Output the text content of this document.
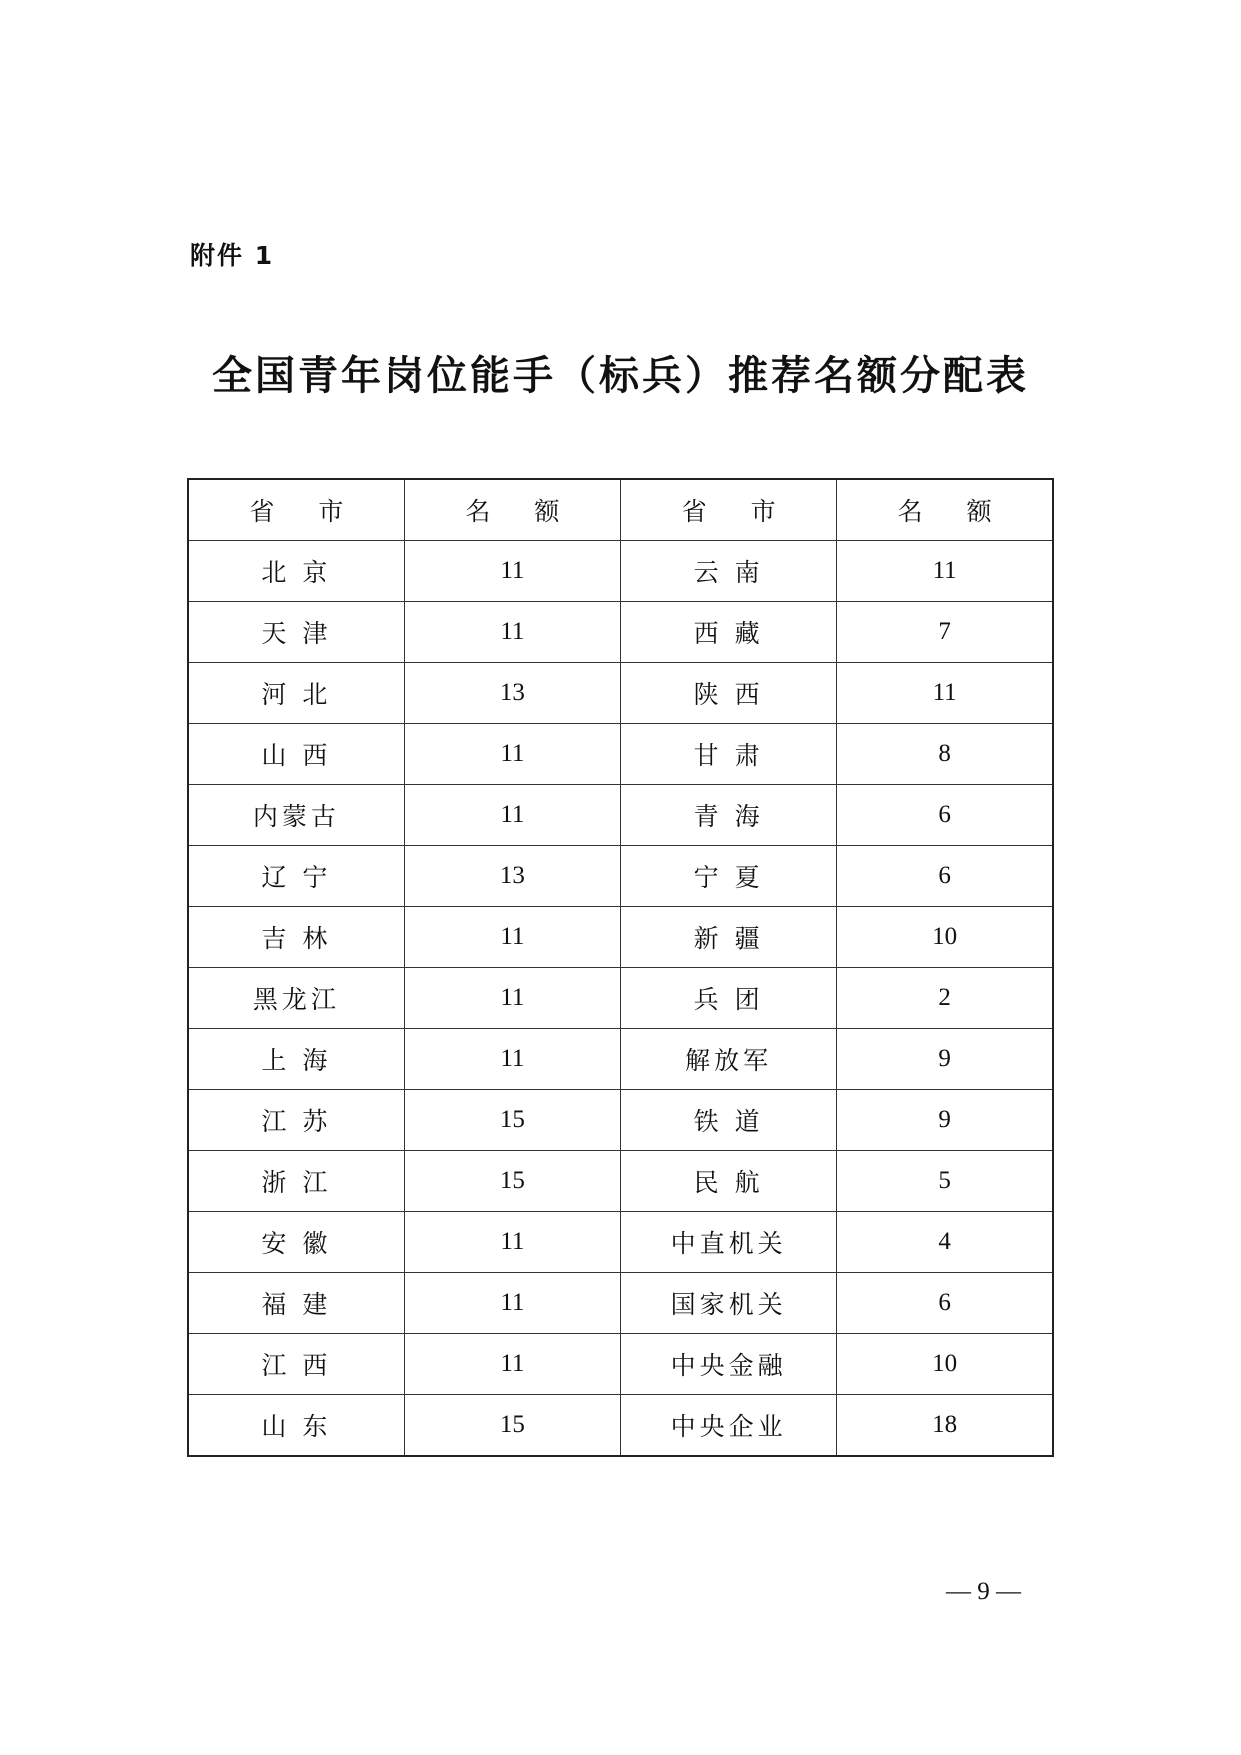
附件 1
全国青年岗位能手（标兵）推荐名额分配表
省 市	名 额	省 市	名 额
北 京	11	云 南	11
天 津	11	西 藏	7
河 北	13	陕 西	11
山 西	11	甘 肃	8
内蒙古	11	青 海	6
辽 宁	13	宁 夏	6
吉 林	11	新 疆	10
黑龙江	11	兵 团	2
上 海	11	解放军	9
江 苏	15	铁 道	9
浙 江	15	民 航	5
安 徽	11	中直机关	4
福 建	11	国家机关	6
江 西	11	中央金融	10
山 东	15	中央企业	18
— 9 —
